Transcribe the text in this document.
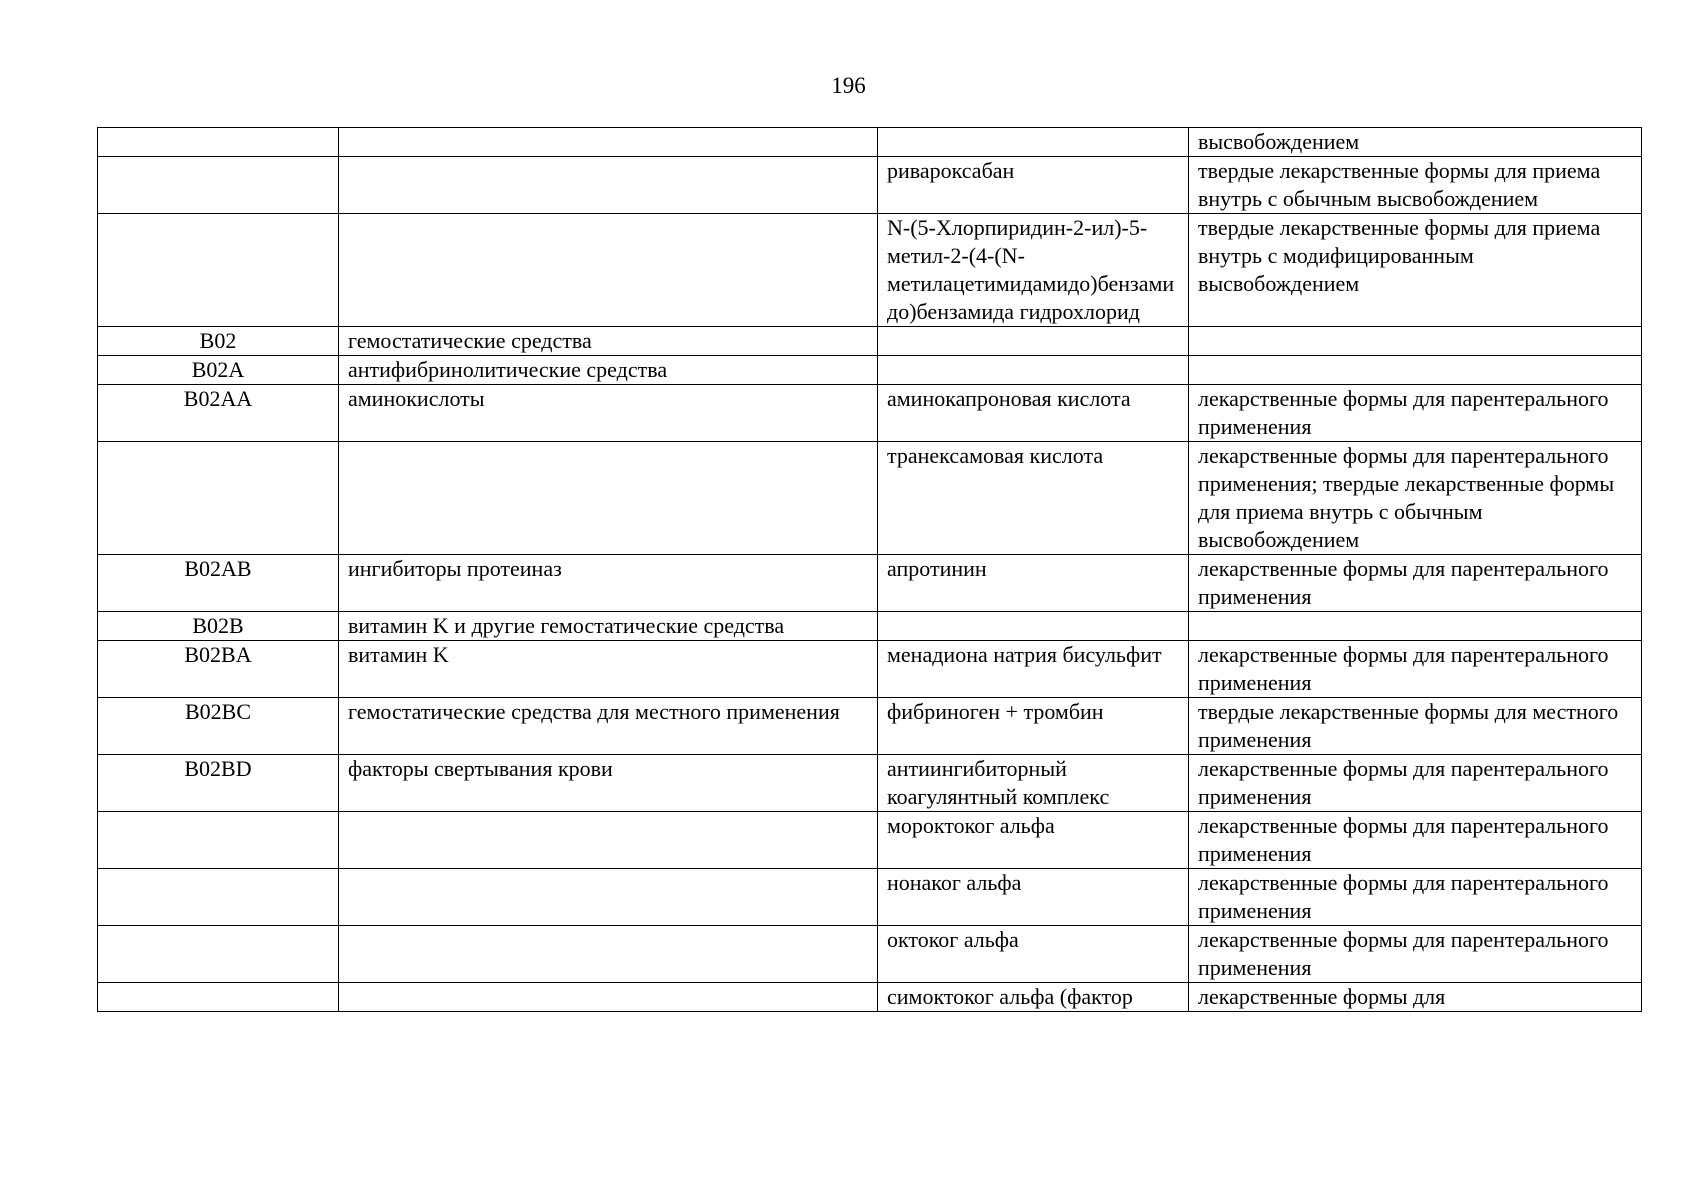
196
			высвобождением
		ривароксабан	твердые лекарственные формы для приема внутрь с обычным высвобождением
		N-(5-Хлорпиридин-2-ил)-5-метил-2-(4-(N-метилацетимидамидо)бензамидо)бензамида гидрохлорид	твердые лекарственные формы для приема внутрь с модифицированным высвобождением
B02	гемостатические средства		
B02A	антифибринолитические средства		
B02AA	аминокислоты	аминокапроновая кислота	лекарственные формы для парентерального применения
		транексамовая кислота	лекарственные формы для парентерального применения; твердые лекарственные формы для приема внутрь с обычным высвобождением
B02AB	ингибиторы протеиназ	апротинин	лекарственные формы для парентерального применения
B02B	витамин K и другие гемостатические средства		
B02BA	витамин K	менадиона натрия бисульфит	лекарственные формы для парентерального применения
B02BC	гемостатические средства для местного применения	фибриноген + тромбин	твердые лекарственные формы для местного применения
B02BD	факторы свертывания крови	антиингибиторный коагулянтный комплекс	лекарственные формы для парентерального применения
		мороктоког альфа	лекарственные формы для парентерального применения
		нонаког альфа	лекарственные формы для парентерального применения
		октоког альфа	лекарственные формы для парентерального применения
		симоктоког альфа (фактор	лекарственные формы для
